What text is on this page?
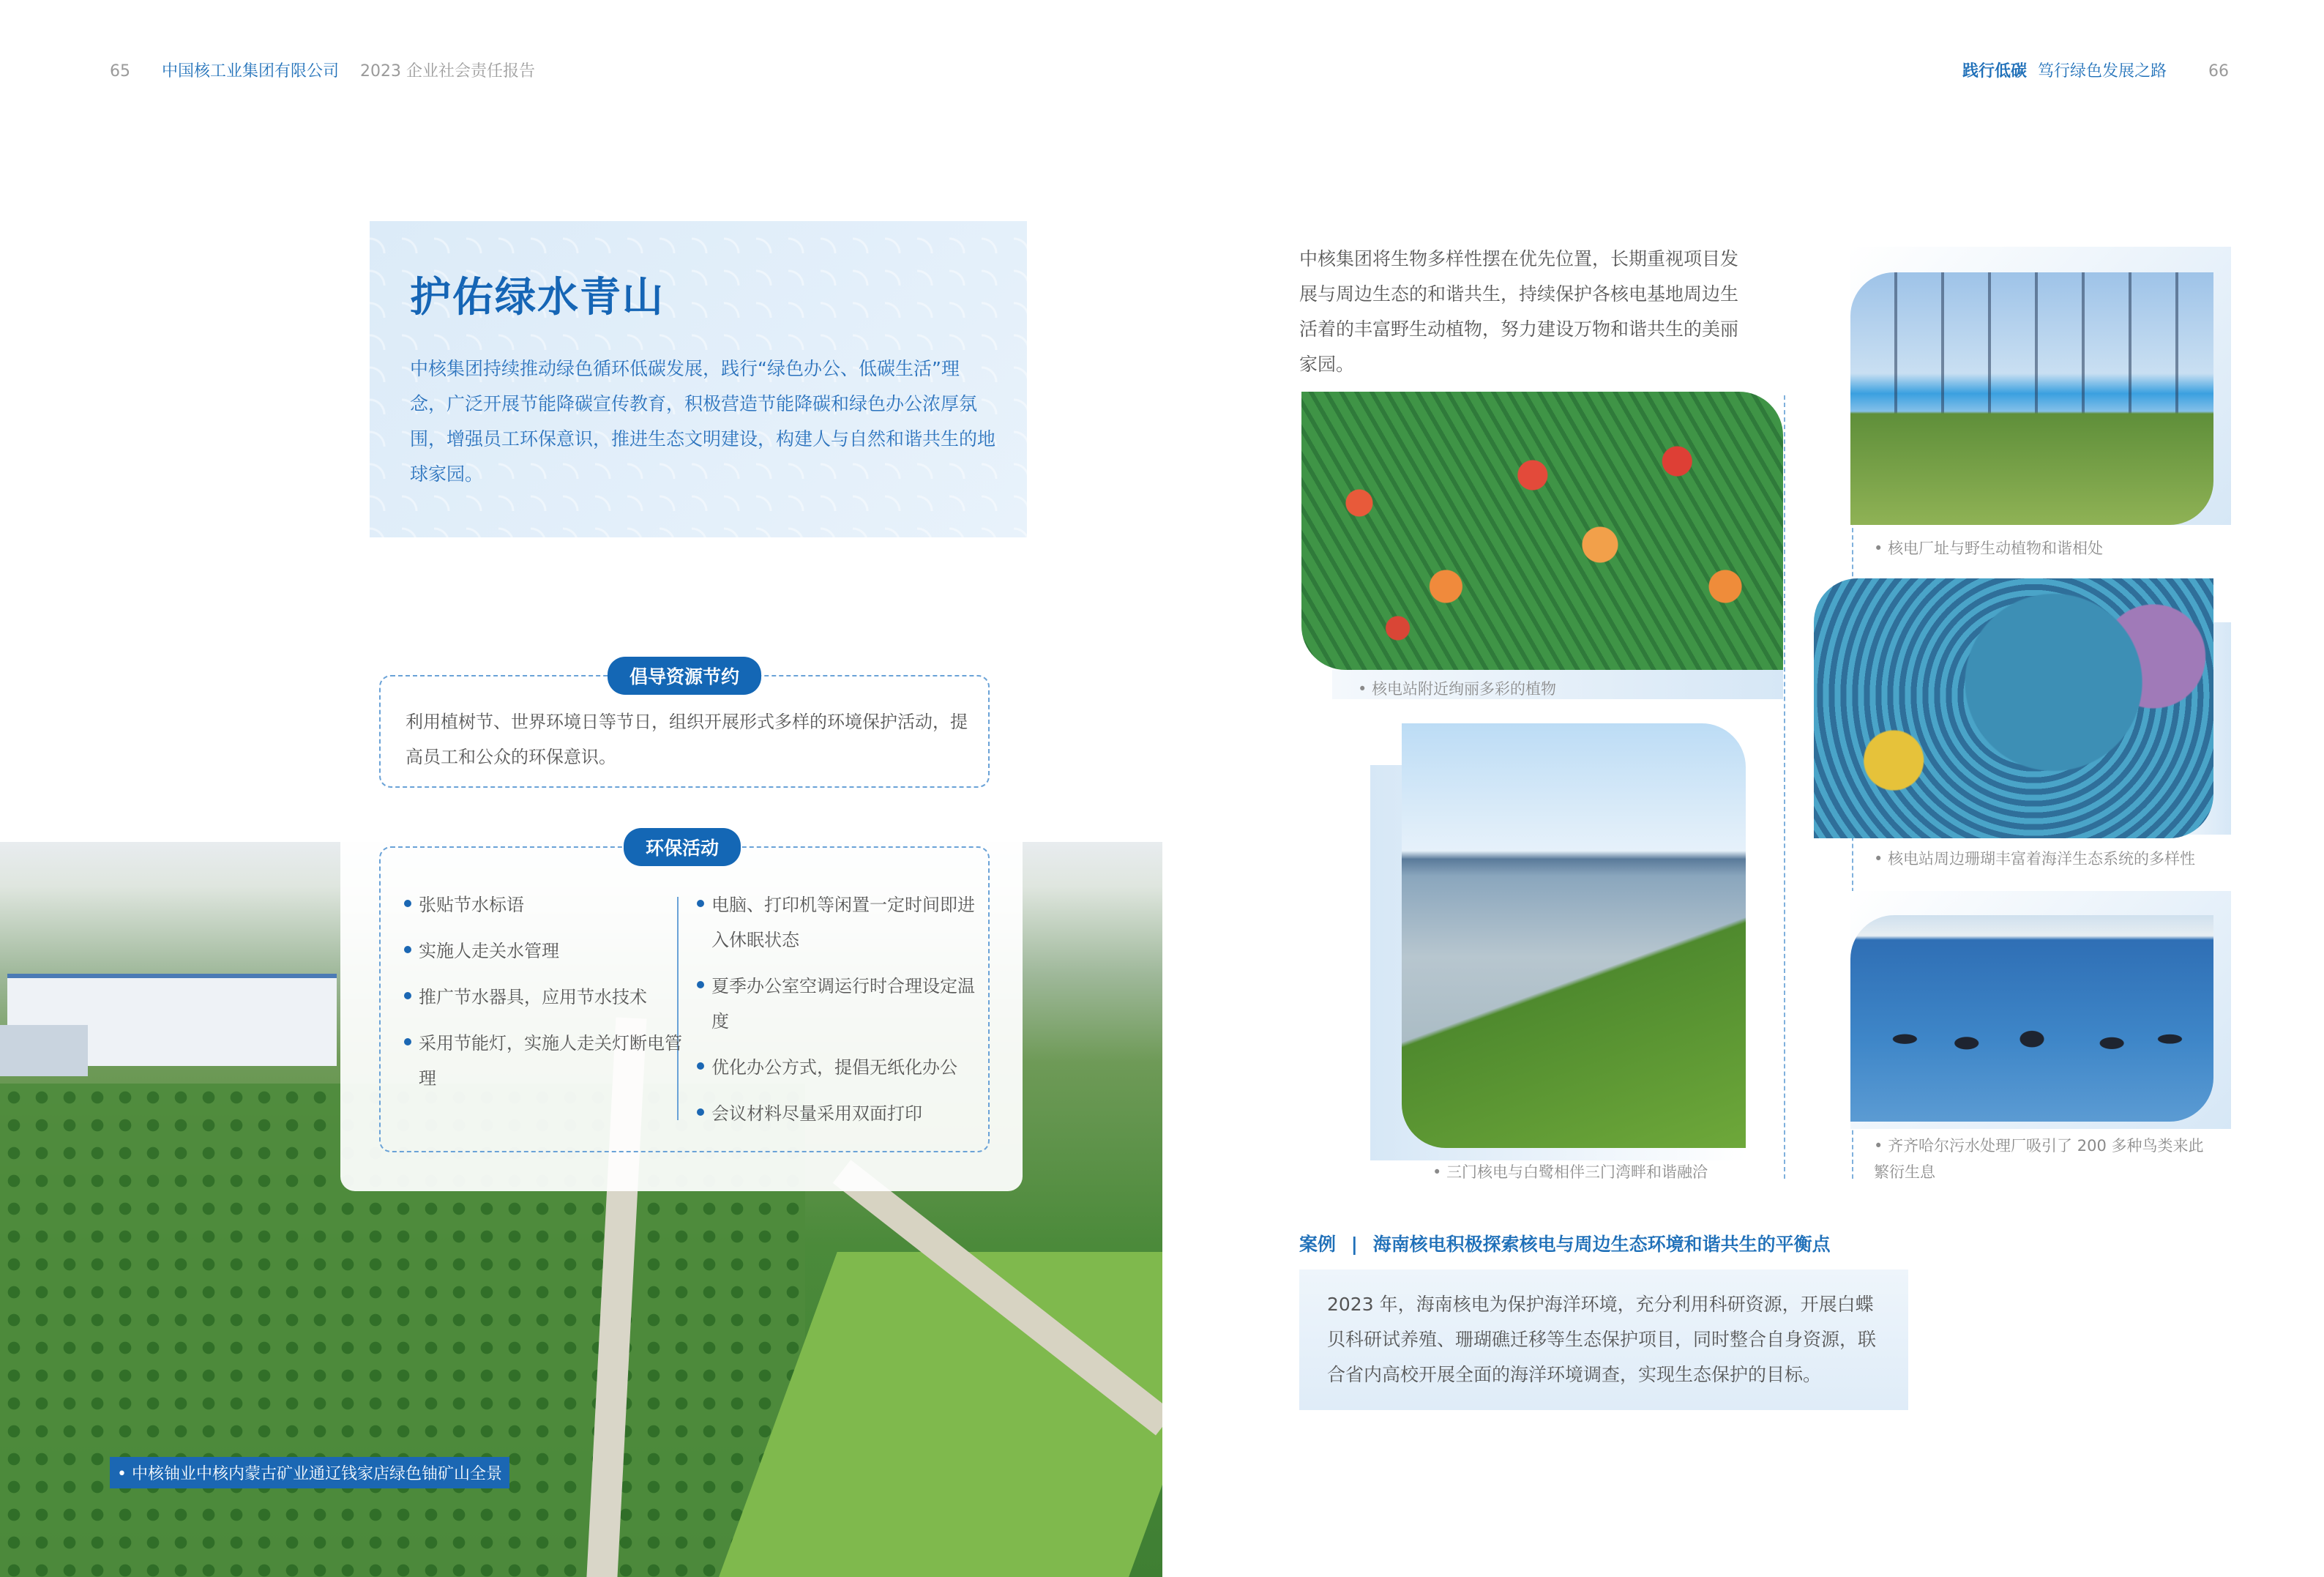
65 中国核工业集团有限公司 2023 企业社会责任报告	践行低碳 笃行绿色发展之路	66
• 中核铀业中核内蒙古矿业通辽钱家店绿色铀矿山全景
护佑绿水青山

中核集团持续推动绿色循环低碳发展，践行“绿色办公、低碳生活”理念，广泛开展节能降碳宣传教育，积极营造节能降碳和绿色办公浓厚氛围，增强员工环保意识，推进生态文明建设，构建人与自然和谐共生的地球家园。

利用植树节、世界环境日等节日，组织开展形式多样的环境保护活动，提高员工和公众的环保意识。

倡导资源节约
环保活动
张贴节水标语
实施人走关水管理
推广节水器具，应用节水技术
采用节能灯，实施人走关灯断电管理
电脑、打印机等闲置一定时间即进入休眠状态
夏季办公室空调运行时合理设定温度
优化办公方式，提倡无纸化办公
会议材料尽量采用双面打印

中核集团将生物多样性摆在优先位置，长期重视项目发展与周边生态的和谐共生，持续保护各核电基地周边生活着的丰富野生动植物，努力建设万物和谐共生的美丽家园。

• 核电站附近绚丽多彩的植物
• 核电厂址与野生动植物和谐相处
• 核电站周边珊瑚丰富着海洋生态系统的多样性
• 三门核电与白鹭相伴三门湾畔和谐融洽
• 齐齐哈尔污水处理厂吸引了 200 多种鸟类来此繁衍生息
案例 | 海南核电积极探索核电与周边生态环境和谐共生的平衡点

2023 年，海南核电为保护海洋环境，充分利用科研资源，开展白蝶贝科研试养殖、珊瑚礁迁移等生态保护项目，同时整合自身资源，联合省内高校开展全面的海洋环境调查，实现生态保护的目标。
